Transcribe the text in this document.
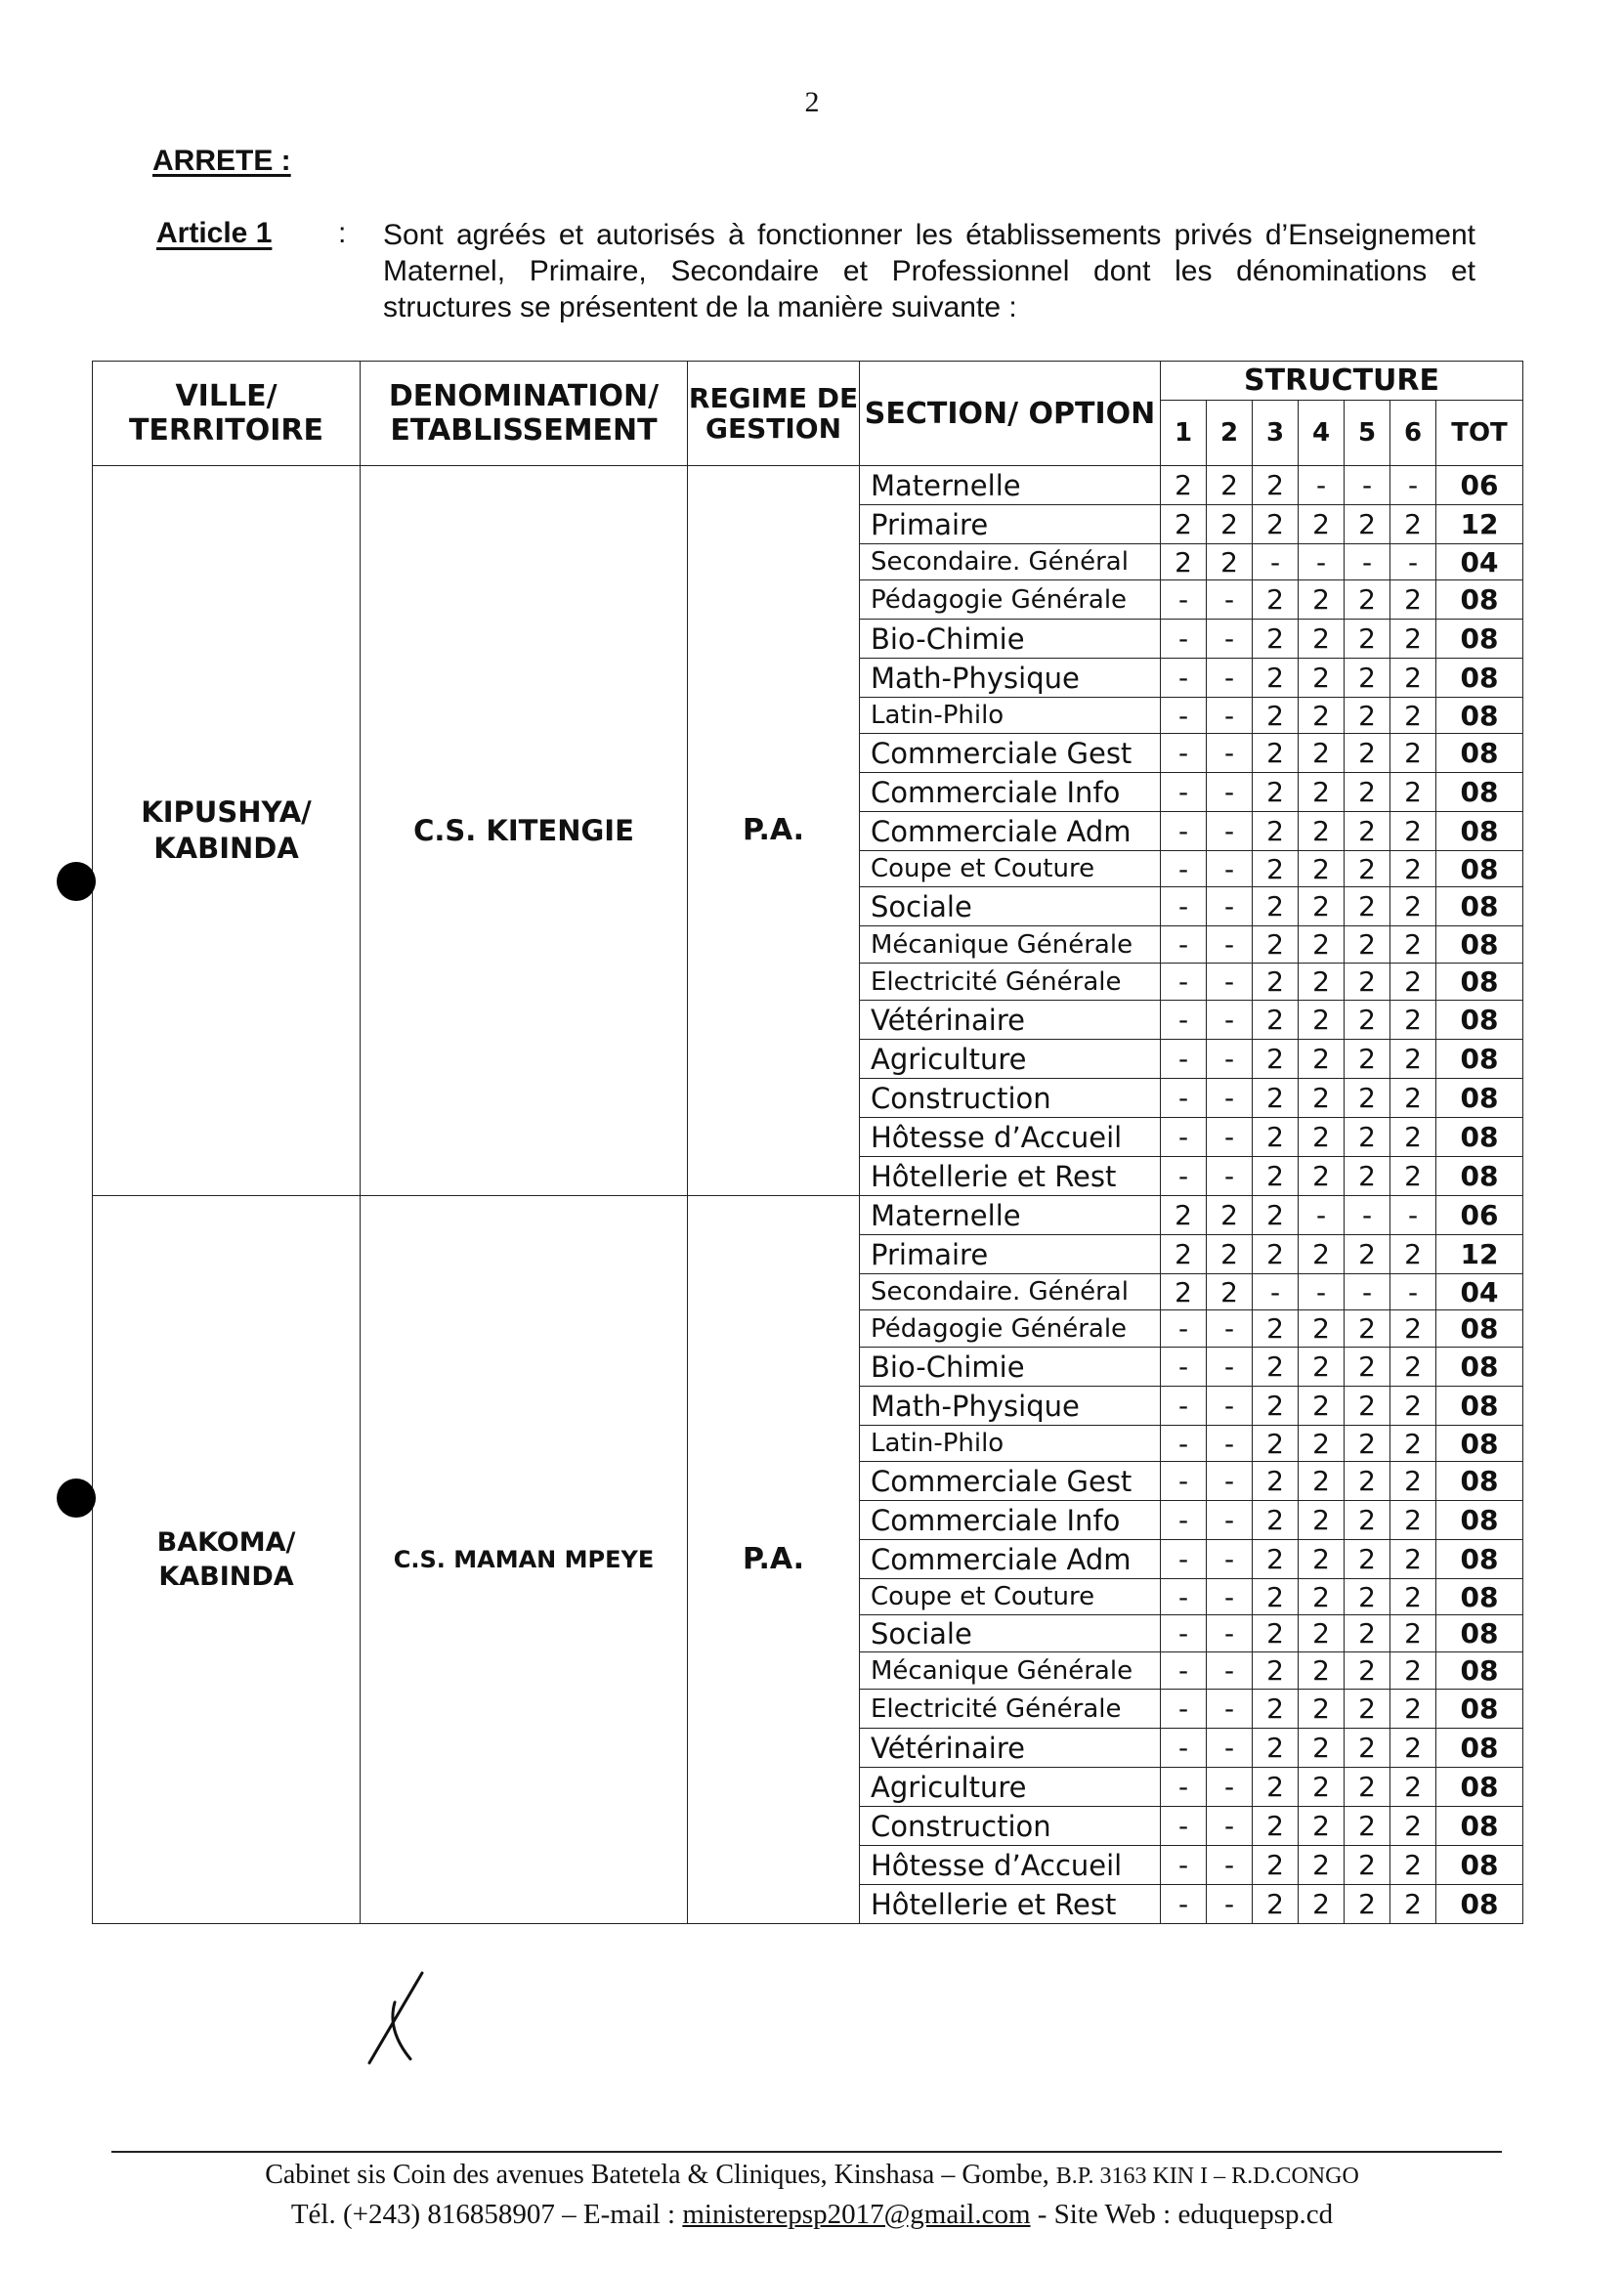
2
ARRETE :
Article 1 : Sont agréés et autorisés à fonctionner les établissements privés d’Enseignement Maternel, Primaire, Secondaire et Professionnel dont les dénominations et structures se présentent de la manière suivante :
VILLE/ TERRITOIRE	DENOMINATION/ ETABLISSEMENT	REGIME DE GESTION	SECTION/ OPTION	STRUCTURE						
				1	2	3	4	5	6	TOT
KIPUSHYA/ KABINDA	C.S. KITENGIE	P.A.	Maternelle	2	2	2	-	-	-	06
			Primaire	2	2	2	2	2	2	12
			Secondaire. Général	2	2	-	-	-	-	04
			Pédagogie Générale	-	-	2	2	2	2	08
			Bio-Chimie	-	-	2	2	2	2	08
			Math-Physique	-	-	2	2	2	2	08
			Latin-Philo	-	-	2	2	2	2	08
			Commerciale Gest	-	-	2	2	2	2	08
			Commerciale Info	-	-	2	2	2	2	08
			Commerciale Adm	-	-	2	2	2	2	08
			Coupe et Couture	-	-	2	2	2	2	08
			Sociale	-	-	2	2	2	2	08
			Mécanique Générale	-	-	2	2	2	2	08
			Electricité Générale	-	-	2	2	2	2	08
			Vétérinaire	-	-	2	2	2	2	08
			Agriculture	-	-	2	2	2	2	08
			Construction	-	-	2	2	2	2	08
			Hôtesse d’Accueil	-	-	2	2	2	2	08
			Hôtellerie et Rest	-	-	2	2	2	2	08
BAKOMA/ KABINDA	C.S. MAMAN MPEYE	P.A.	Maternelle	2	2	2	-	-	-	06
			Primaire	2	2	2	2	2	2	12
			Secondaire. Général	2	2	-	-	-	-	04
			Pédagogie Générale	-	-	2	2	2	2	08
			Bio-Chimie	-	-	2	2	2	2	08
			Math-Physique	-	-	2	2	2	2	08
			Latin-Philo	-	-	2	2	2	2	08
			Commerciale Gest	-	-	2	2	2	2	08
			Commerciale Info	-	-	2	2	2	2	08
			Commerciale Adm	-	-	2	2	2	2	08
			Coupe et Couture	-	-	2	2	2	2	08
			Sociale	-	-	2	2	2	2	08
			Mécanique Générale	-	-	2	2	2	2	08
			Electricité Générale	-	-	2	2	2	2	08
			Vétérinaire	-	-	2	2	2	2	08
			Agriculture	-	-	2	2	2	2	08
			Construction	-	-	2	2	2	2	08
			Hôtesse d’Accueil	-	-	2	2	2	2	08
			Hôtellerie et Rest	-	-	2	2	2	2	08
Cabinet sis Coin des avenues Batetela & Cliniques, Kinshasa – Gombe, B.P. 3163 KIN I – R.D.CONGO
Tél. (+243) 816858907 – E-mail : ministerepsp2017@gmail.com - Site Web : eduquepsp.cd
